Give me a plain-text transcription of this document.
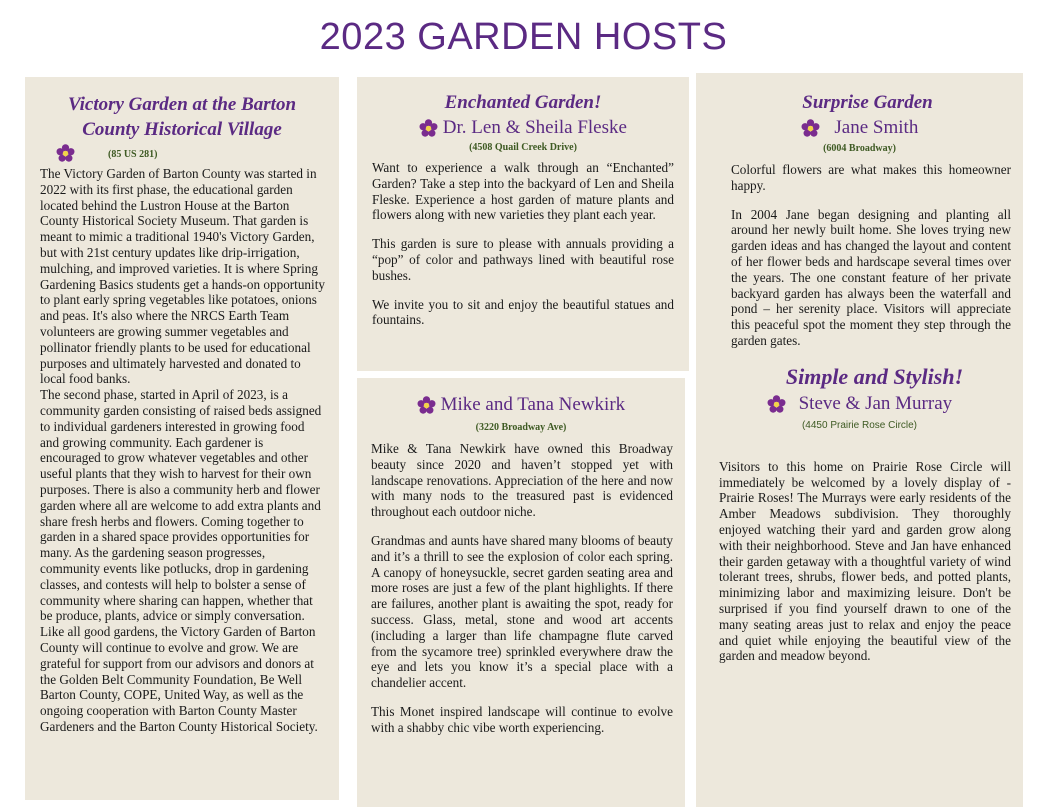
2023 GARDEN HOSTS
Victory Garden at the Barton
County Historical Village
(85 US 281)

The Victory Garden of Barton County was started in 2022 with its first phase, the educational garden located behind the Lustron House at the Barton County Historical Society Museum. That garden is meant to mimic a traditional 1940's Victory Garden, but with 21st century updates like drip-irrigation, mulching, and improved varieties. It is where Spring Gardening Basics students get a hands-on opportunity to plant early spring vegetables like potatoes, onions and peas. It's also where the NRCS Earth Team volunteers are growing summer vegetables and pollinator friendly plants to be used for educational purposes and ultimately harvested and donated to local food banks.

The second phase, started in April of 2023, is a community garden consisting of raised beds assigned to individual gardeners interested in growing food and growing community. Each gardener is encouraged to grow whatever vegetables and other useful plants that they wish to harvest for their own purposes. There is also a community herb and flower garden where all are welcome to add extra plants and share fresh herbs and flowers. Coming together to garden in a shared space provides opportunities for many. As the gardening season progresses, community events like potlucks, drop in gardening classes, and contests will help to bolster a sense of community where sharing can happen, whether that be produce, plants, advice or simply conversation.

Like all good gardens, the Victory Garden of Barton County will continue to evolve and grow. We are grateful for support from our advisors and donors at the Golden Belt Community Foundation, Be Well Barton County, COPE, United Way, as well as the ongoing cooperation with Barton County Master Gardeners and the Barton County Historical Society.

Enchanted Garden!
Dr. Len & Sheila Fleske
(4508 Quail Creek Drive)

Want to experience a walk through an “Enchanted” Garden? Take a step into the backyard of Len and Sheila Fleske. Experience a host garden of mature plants and flowers along with new varieties they plant each year.

This garden is sure to please with annuals providing a “pop” of color and pathways lined with beautiful rose bushes.

We invite you to sit and enjoy the beautiful statues and fountains.

Mike and Tana Newkirk
(3220 Broadway Ave)

Mike & Tana Newkirk have owned this Broadway beauty since 2020 and haven’t stopped yet with landscape renovations. Appreciation of the here and now with many nods to the treasured past is evidenced throughout each outdoor niche.

Grandmas and aunts have shared many blooms of beauty and it’s a thrill to see the explosion of color each spring. A canopy of honeysuckle, secret garden seating area and more roses are just a few of the plant highlights. If there are failures, another plant is awaiting the spot, ready for success. Glass, metal, stone and wood art accents (including a larger than life champagne flute carved from the sycamore tree) sprinkled everywhere draw the eye and lets you know it’s a special place with a chandelier accent.

This Monet inspired landscape will continue to evolve with a shabby chic vibe worth experiencing.

Surprise Garden
Jane Smith
(6004 Broadway)

Colorful flowers are what makes this homeowner happy.

In 2004 Jane began designing and planting all around her newly built home. She loves trying new garden ideas and has changed the layout and content of her flower beds and hardscape several times over the years. The one constant feature of her private backyard garden has always been the waterfall and pond – her serenity place. Visitors will appreciate this peaceful spot the moment they step through the garden gates.

Simple and Stylish!
Steve & Jan Murray
(4450 Prairie Rose Circle)

Visitors to this home on Prairie Rose Circle will immediately be welcomed by a lovely display of - Prairie Roses! The Murrays were early residents of the Amber Meadows subdivision. They thoroughly enjoyed watching their yard and garden grow along with their neighborhood. Steve and Jan have enhanced their garden getaway with a thoughtful variety of wind tolerant trees, shrubs, flower beds, and potted plants, minimizing labor and maximizing leisure. Don't be surprised if you find yourself drawn to one of the many seating areas just to relax and enjoy the peace and quiet while enjoying the beautiful view of the garden and meadow beyond.
